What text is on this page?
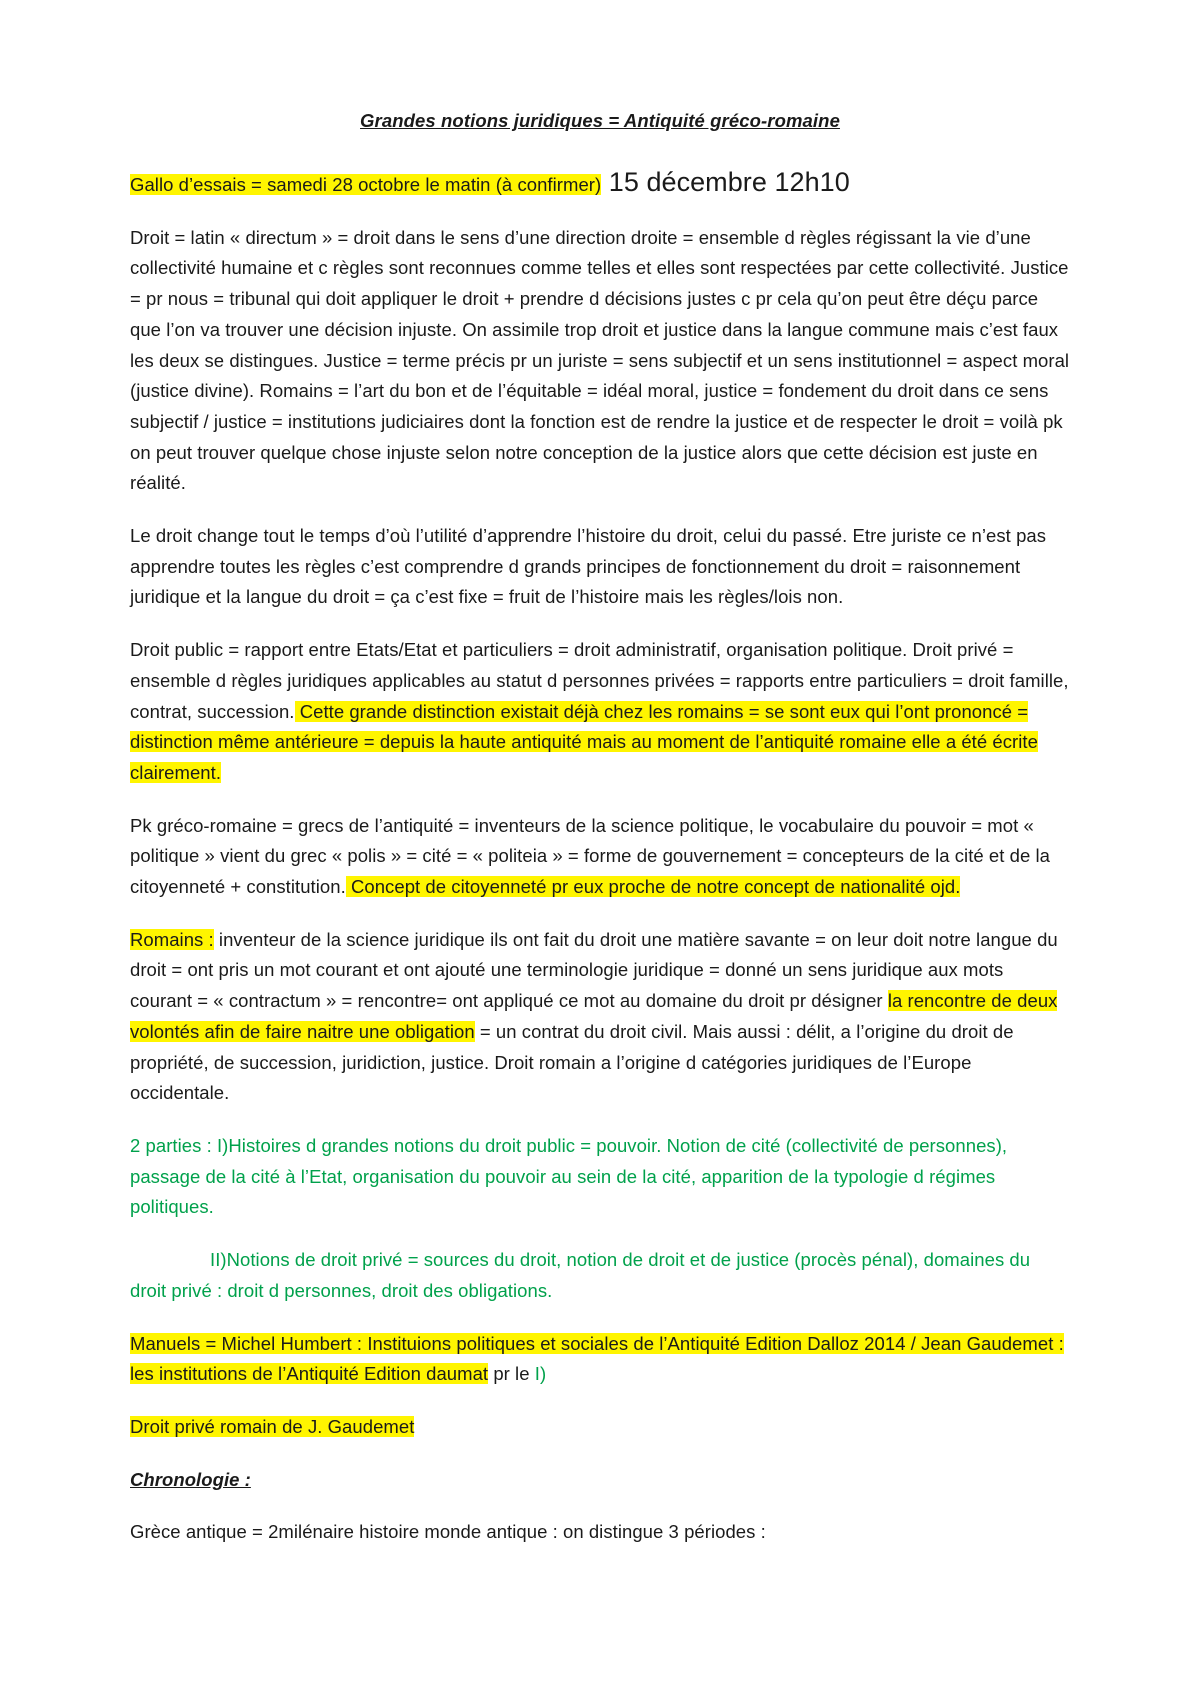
Grandes notions juridiques = Antiquité gréco-romaine

Gallo d’essais = samedi 28 octobre le matin (à confirmer) 15 décembre 12h10

Droit = latin « directum » = droit dans le sens d’une direction droite = ensemble d règles régissant la vie d’une collectivité humaine et c règles sont reconnues comme telles et elles sont respectées par cette collectivité. Justice = pr nous = tribunal qui doit appliquer le droit + prendre d décisions justes c pr cela qu’on peut être déçu parce que l’on va trouver une décision injuste. On assimile trop droit et justice dans la langue commune mais c’est faux les deux se distingues. Justice = terme précis pr un juriste = sens subjectif et un sens institutionnel = aspect moral (justice divine). Romains = l’art du bon et de l’équitable = idéal moral, justice = fondement du droit dans ce sens subjectif / justice = institutions judiciaires dont la fonction est de rendre la justice et de respecter le droit = voilà pk on peut trouver quelque chose injuste selon notre conception de la justice alors que cette décision est juste en réalité.

Le droit change tout le temps d’où l’utilité d’apprendre l’histoire du droit, celui du passé. Etre juriste ce n’est pas apprendre toutes les règles c’est comprendre d grands principes de fonctionnement du droit = raisonnement juridique et la langue du droit = ça c’est fixe = fruit de l’histoire mais les règles/lois non.

Droit public = rapport entre Etats/Etat et particuliers = droit administratif, organisation politique. Droit privé = ensemble d règles juridiques applicables au statut d personnes privées = rapports entre particuliers = droit famille, contrat, succession. Cette grande distinction existait déjà chez les romains = se sont eux qui l’ont prononcé = distinction même antérieure = depuis la haute antiquité mais au moment de l’antiquité romaine elle a été écrite clairement.

Pk gréco-romaine = grecs de l’antiquité = inventeurs de la science politique, le vocabulaire du pouvoir = mot « politique » vient du grec « polis » = cité = « politeia » = forme de gouvernement = concepteurs de la cité et de la citoyenneté + constitution. Concept de citoyenneté pr eux proche de notre concept de nationalité ojd.

Romains : inventeur de la science juridique ils ont fait du droit une matière savante = on leur doit notre langue du droit = ont pris un mot courant et ont ajouté une terminologie juridique = donné un sens juridique aux mots courant = « contractum » = rencontre= ont appliqué ce mot au domaine du droit pr désigner la rencontre de deux volontés afin de faire naitre une obligation = un contrat du droit civil. Mais aussi : délit, a l’origine du droit de propriété, de succession, juridiction, justice. Droit romain a l’origine d catégories juridiques de l’Europe occidentale.

2 parties : I)Histoires d grandes notions du droit public = pouvoir. Notion de cité (collectivité de personnes), passage de la cité à l’Etat, organisation du pouvoir au sein de la cité, apparition de la typologie d régimes politiques.

II)Notions de droit privé = sources du droit, notion de droit et de justice (procès pénal), domaines du droit privé : droit d personnes, droit des obligations.

Manuels = Michel Humbert : Instituions politiques et sociales de l’Antiquité Edition Dalloz 2014 / Jean Gaudemet : les institutions de l’Antiquité Edition daumat pr le I)

Droit privé romain de J. Gaudemet

Chronologie :

Grèce antique = 2milénaire histoire monde antique : on distingue 3 périodes :
